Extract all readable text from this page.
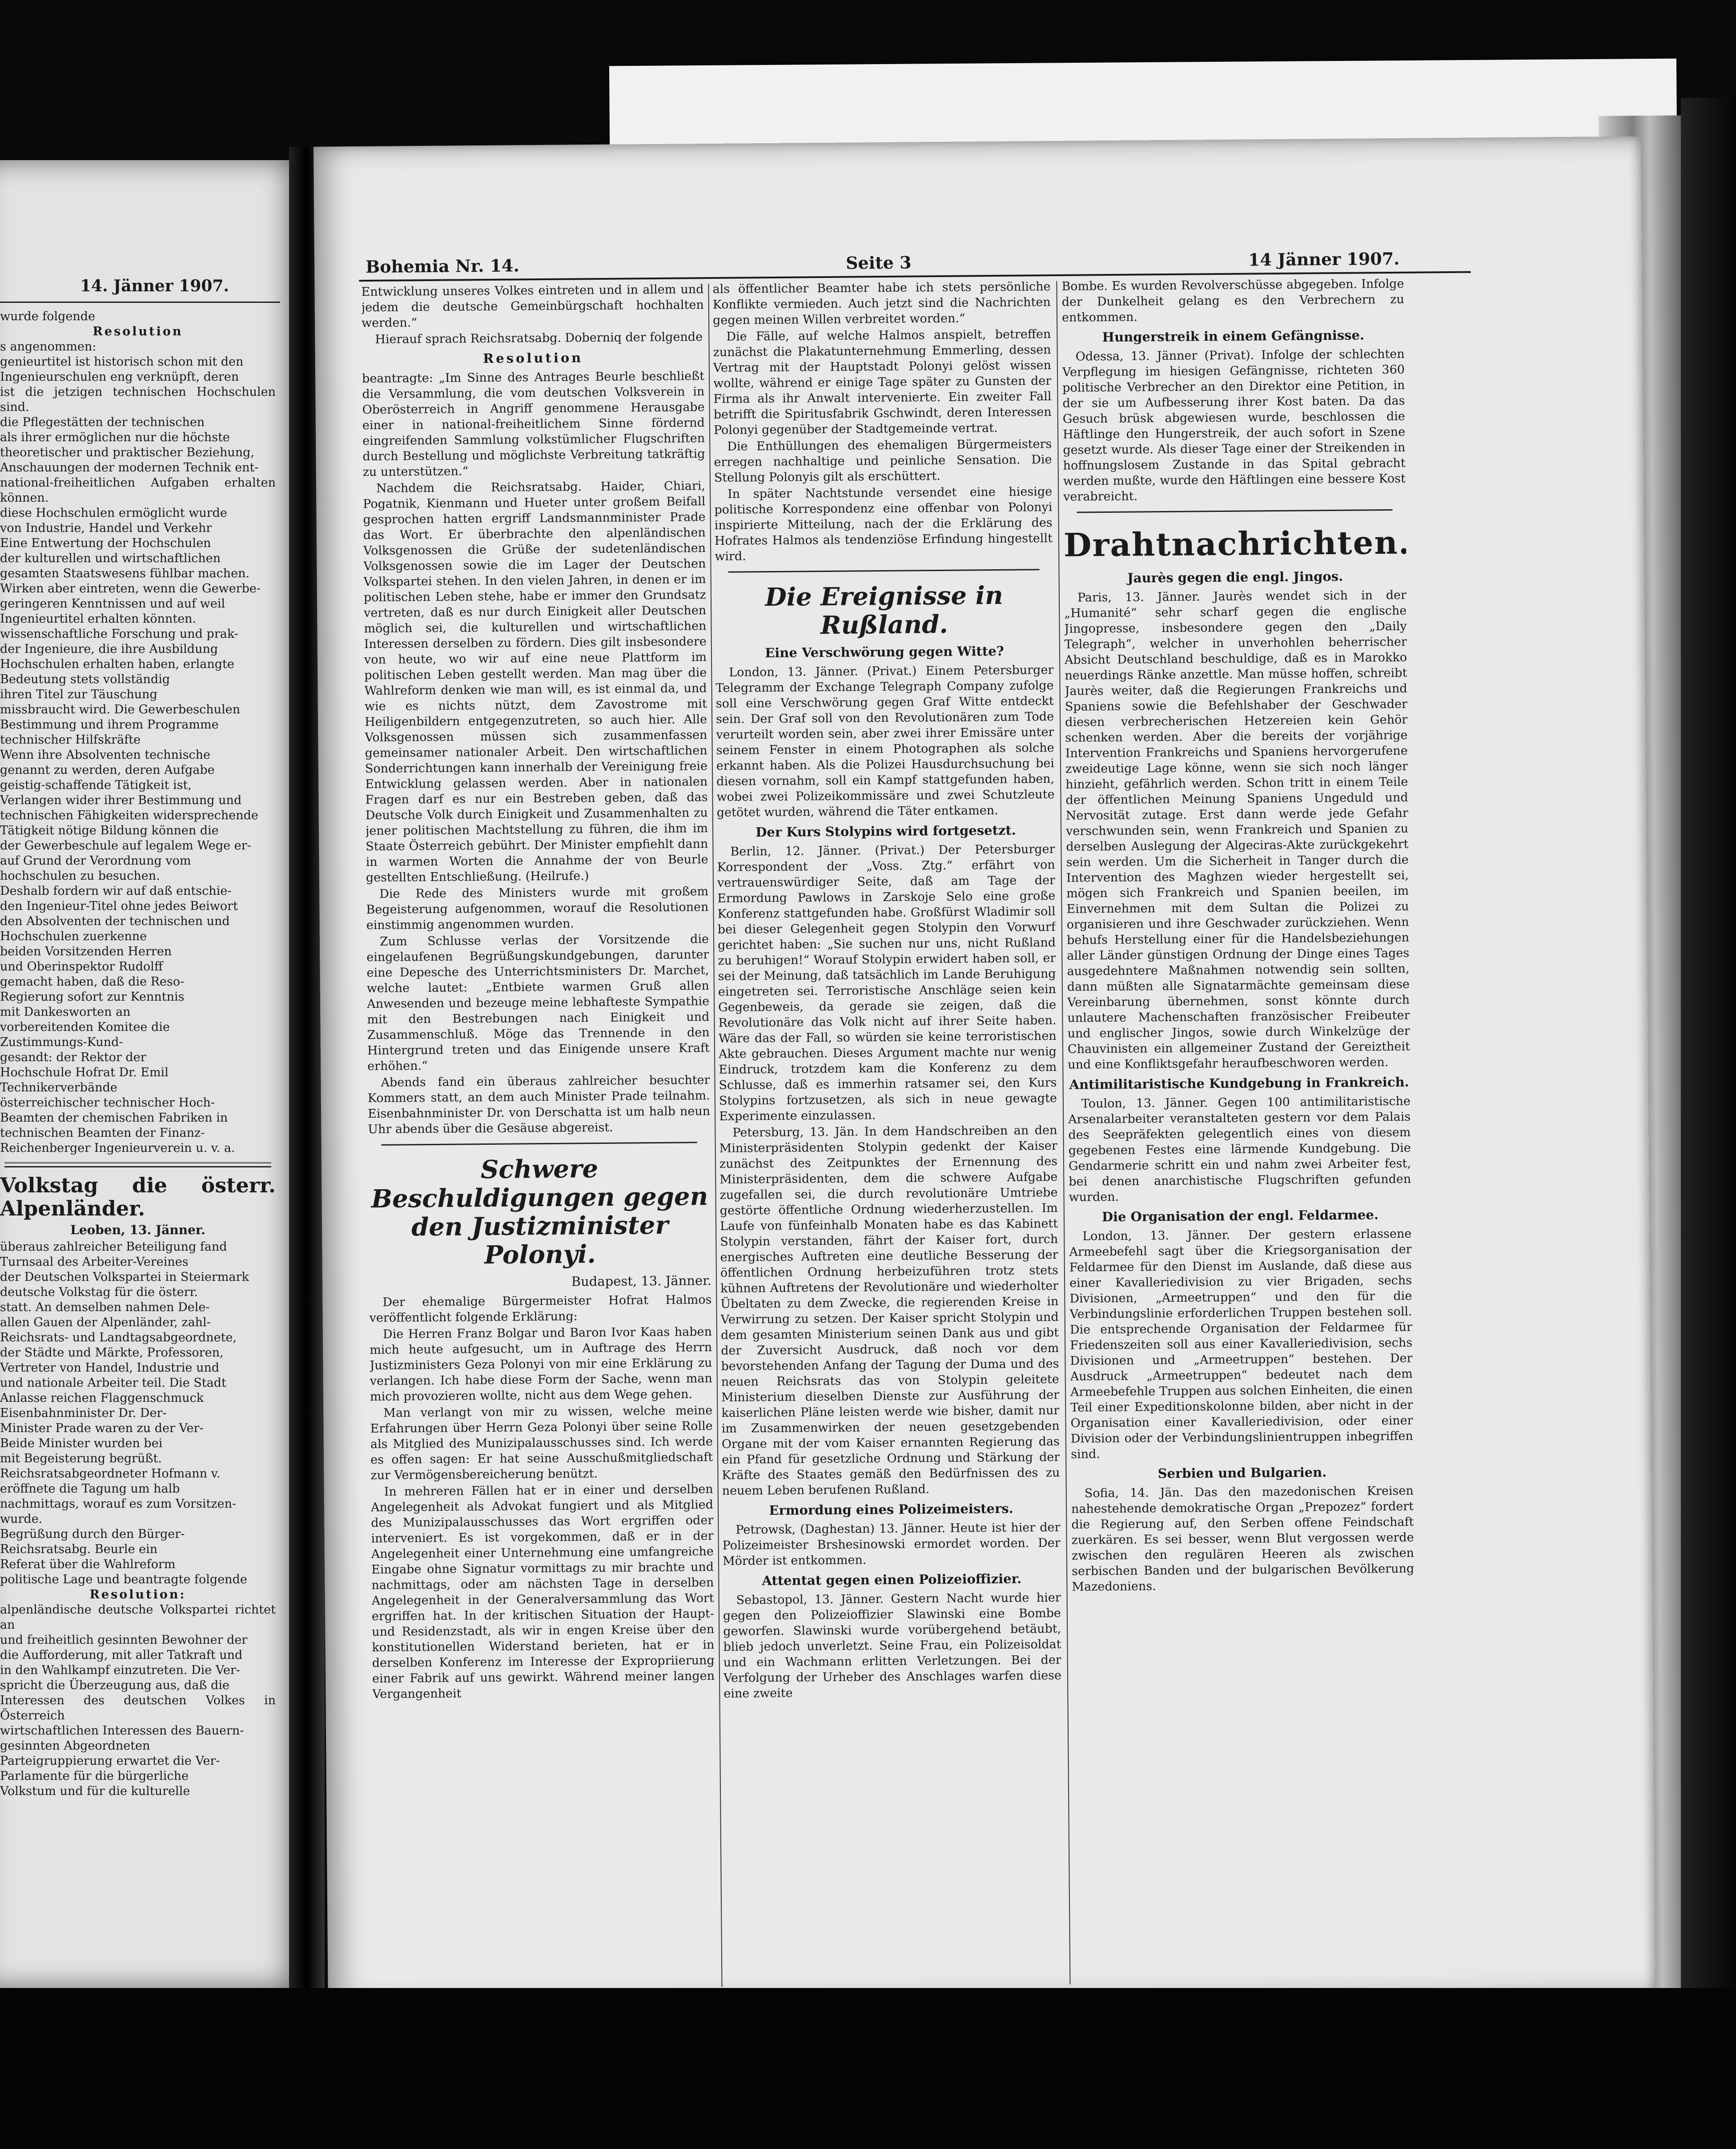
14. Jänner 1907.

wurde folgende

Resolution

s angenommen:

genieurtitel ist historisch schon mit den

Ingenieurschulen eng verknüpft, deren

ist die jetzigen technischen Hochschulen sind.

die Pflegestätten der technischen

als ihrer ermöglichen nur die höchste

theoretischer und praktischer Beziehung,

Anschauungen der modernen Technik ent-

national-freiheitlichen Aufgaben erhalten können.

diese Hochschulen ermöglicht wurde

von Industrie, Handel und Verkehr

Eine Entwertung der Hochschulen

der kulturellen und wirtschaftlichen

gesamten Staatswesens fühlbar machen.

Wirken aber eintreten, wenn die Gewerbe-

geringeren Kenntnissen und auf weil

Ingenieurtitel erhalten könnten.

wissenschaftliche Forschung und prak-

der Ingenieure, die ihre Ausbildung

Hochschulen erhalten haben, erlangte

Bedeutung stets vollständig

ihren Titel zur Täuschung

missbraucht wird. Die Gewerbeschulen

Bestimmung und ihrem Programme

technischer Hilfskräfte

Wenn ihre Absolventen technische

genannt zu werden, deren Aufgabe

geistig-schaffende Tätigkeit ist,

Verlangen wider ihrer Bestimmung und

technischen Fähigkeiten widersprechende

Tätigkeit nötige Bildung können die

der Gewerbeschule auf legalem Wege er-

auf Grund der Verordnung vom

hochschulen zu besuchen.

Deshalb fordern wir auf daß entschie-

den Ingenieur-Titel ohne jedes Beiwort

den Absolventen der technischen und

Hochschulen zuerkenne

beiden Vorsitzenden Herren

und Oberinspektor Rudolff

gemacht haben, daß die Reso-

Regierung sofort zur Kenntnis

mit Dankesworten an

vorbereitenden Komitee die

Zustimmungs-Kund-

gesandt: der Rektor der

Hochschule Hofrat Dr. Emil

Technikerverbände

österreichischer technischer Hoch-

Beamten der chemischen Fabriken in

technischen Beamten der Finanz-

Reichenberger Ingenieurverein u. v. a.

Volkstag die österr. Alpenländer.
Leoben, 13. Jänner.

überaus zahlreicher Beteiligung fand

Turnsaal des Arbeiter-Vereines

der Deutschen Volkspartei in Steiermark

deutsche Volkstag für die österr.

statt. An demselben nahmen Dele-

allen Gauen der Alpenländer, zahl-

Reichsrats- und Landtagsabgeordnete,

der Städte und Märkte, Professoren,

Vertreter von Handel, Industrie und

und nationale Arbeiter teil. Die Stadt

Anlasse reichen Flaggenschmuck

Eisenbahnminister Dr. Der-

Minister Prade waren zu der Ver-

Beide Minister wurden bei

mit Begeisterung begrüßt.

Reichsratsabgeordneter Hofmann v.

eröffnete die Tagung um halb

nachmittags, worauf es zum Vorsitzen-

wurde.

Begrüßung durch den Bürger-

Reichsratsabg. Beurle ein

Referat über die Wahlreform

politische Lage und beantragte folgende

Resolution:

alpenländische deutsche Volkspartei richtet an

und freiheitlich gesinnten Bewohner der

die Aufforderung, mit aller Tatkraft und

in den Wahlkampf einzutreten. Die Ver-

spricht die Überzeugung aus, daß die

Interessen des deutschen Volkes in Österreich

wirtschaftlichen Interessen des Bauern-

gesinnten Abgeordneten

Parteigruppierung erwartet die Ver-

Parlamente für die bürgerliche

Volkstum und für die kulturelle

Bohemia Nr. 14.	Seite 3	14 Jänner 1907.

Entwicklung unseres Volkes eintreten und in allem und jedem die deutsche Gemeinbürgschaft hochhalten werden.“

Hierauf sprach Reichsratsabg. Doberniq der folgende

Resolution

beantragte: „Im Sinne des Antrages Beurle beschließt die Versammlung, die vom deutschen Volksverein in Oberösterreich in Angriff genommene Herausgabe einer in national-freiheitlichem Sinne fördernd eingreifenden Sammlung volkstümlicher Flugschriften durch Bestellung und möglichste Verbreitung tatkräftig zu unterstützen.“

Nachdem die Reichsratsabg. Haider, Chiari, Pogatnik, Kienmann und Hueter unter großem Beifall gesprochen hatten ergriff Landsmannminister Prade das Wort. Er überbrachte den alpenländischen Volksgenossen die Grüße der sudetenländischen Volksgenossen sowie die im Lager der Deutschen Volkspartei stehen. In den vielen Jahren, in denen er im politischen Leben stehe, habe er immer den Grundsatz vertreten, daß es nur durch Einigkeit aller Deutschen möglich sei, die kulturellen und wirtschaftlichen Interessen derselben zu fördern. Dies gilt insbesondere von heute, wo wir auf eine neue Plattform im politischen Leben gestellt werden. Man mag über die Wahlreform denken wie man will, es ist einmal da, und wie es nichts nützt, dem Zavostrome mit Heiligenbildern entgegenzutreten, so auch hier. Alle Volksgenossen müssen sich zusammenfassen gemeinsamer nationaler Arbeit. Den wirtschaftlichen Sonderrichtungen kann innerhalb der Vereinigung freie Entwicklung gelassen werden. Aber in nationalen Fragen darf es nur ein Bestreben geben, daß das Deutsche Volk durch Einigkeit und Zusammenhalten zu jener politischen Machtstellung zu führen, die ihm im Staate Österreich gebührt. Der Minister empfiehlt dann in warmen Worten die Annahme der von Beurle gestellten Entschließung. (Heilrufe.)

Die Rede des Ministers wurde mit großem Begeisterung aufgenommen, worauf die Resolutionen einstimmig angenommen wurden.

Zum Schlusse verlas der Vorsitzende die eingelaufenen Begrüßungskundgebungen, darunter eine Depesche des Unterrichtsministers Dr. Marchet, welche lautet: „Entbiete warmen Gruß allen Anwesenden und bezeuge meine lebhafteste Sympathie mit den Bestrebungen nach Einigkeit und Zusammenschluß. Möge das Trennende in den Hintergrund treten und das Einigende unsere Kraft erhöhen.“

Abends fand ein überaus zahlreicher besuchter Kommers statt, an dem auch Minister Prade teilnahm. Eisenbahnminister Dr. von Derschatta ist um halb neun Uhr abends über die Gesäuse abgereist.

Schwere Beschuldigungen gegen den Justizminister Polonyi.
Budapest, 13. Jänner.

Der ehemalige Bürgermeister Hofrat Halmos veröffentlicht folgende Erklärung:

Die Herren Franz Bolgar und Baron Ivor Kaas haben mich heute aufgesucht, um in Auftrage des Herrn Justizministers Geza Polonyi von mir eine Erklärung zu verlangen. Ich habe diese Form der Sache, wenn man mich provozieren wollte, nicht aus dem Wege gehen.

Man verlangt von mir zu wissen, welche meine Erfahrungen über Herrn Geza Polonyi über seine Rolle als Mitglied des Munizipalausschusses sind. Ich werde es offen sagen: Er hat seine Ausschußmitgliedschaft zur Vermögensbereicherung benützt.

In mehreren Fällen hat er in einer und derselben Angelegenheit als Advokat fungiert und als Mitglied des Munizipalausschusses das Wort ergriffen oder interveniert. Es ist vorgekommen, daß er in der Angelegenheit einer Unternehmung eine umfangreiche Eingabe ohne Signatur vormittags zu mir brachte und nachmittags, oder am nächsten Tage in derselben Angelegenheit in der Generalversammlung das Wort ergriffen hat. In der kritischen Situation der Haupt- und Residenzstadt, als wir in engen Kreise über den konstitutionellen Widerstand berieten, hat er in derselben Konferenz im Interesse der Expropriierung einer Fabrik auf uns gewirkt. Während meiner langen Vergangenheit

als öffentlicher Beamter habe ich stets persönliche Konflikte vermieden. Auch jetzt sind die Nachrichten gegen meinen Willen verbreitet worden.“

Die Fälle, auf welche Halmos anspielt, betreffen zunächst die Plakatunternehmung Emmerling, dessen Vertrag mit der Hauptstadt Polonyi gelöst wissen wollte, während er einige Tage später zu Gunsten der Firma als ihr Anwalt intervenierte. Ein zweiter Fall betrifft die Spiritusfabrik Gschwindt, deren Interessen Polonyi gegenüber der Stadtgemeinde vertrat.

Die Enthüllungen des ehemaligen Bürgermeisters erregen nachhaltige und peinliche Sensation. Die Stellung Polonyis gilt als erschüttert.

In später Nachtstunde versendet eine hiesige politische Korrespondenz eine offenbar von Polonyi inspirierte Mitteilung, nach der die Erklärung des Hofrates Halmos als tendenziöse Erfindung hingestellt wird.

Die Ereignisse in Rußland.
Eine Verschwörung gegen Witte?

London, 13. Jänner. (Privat.) Einem Petersburger Telegramm der Exchange Telegraph Company zufolge soll eine Verschwörung gegen Graf Witte entdeckt sein. Der Graf soll von den Revolutionären zum Tode verurteilt worden sein, aber zwei ihrer Emissäre unter seinem Fenster in einem Photographen als solche erkannt haben. Als die Polizei Hausdurchsuchung bei diesen vornahm, soll ein Kampf stattgefunden haben, wobei zwei Polizeikommissäre und zwei Schutzleute getötet wurden, während die Täter entkamen.

Der Kurs Stolypins wird fortgesetzt.

Berlin, 12. Jänner. (Privat.) Der Petersburger Korrespondent der „Voss. Ztg.“ erfährt von vertrauenswürdiger Seite, daß am Tage der Ermordung Pawlows in Zarskoje Selo eine große Konferenz stattgefunden habe. Großfürst Wladimir soll bei dieser Gelegenheit gegen Stolypin den Vorwurf gerichtet haben: „Sie suchen nur uns, nicht Rußland zu beruhigen!“ Worauf Stolypin erwidert haben soll, er sei der Meinung, daß tatsächlich im Lande Beruhigung eingetreten sei. Terroristische Anschläge seien kein Gegenbeweis, da gerade sie zeigen, daß die Revolutionäre das Volk nicht auf ihrer Seite haben. Wäre das der Fall, so würden sie keine terroristischen Akte gebrauchen. Dieses Argument machte nur wenig Eindruck, trotzdem kam die Konferenz zu dem Schlusse, daß es immerhin ratsamer sei, den Kurs Stolypins fortzusetzen, als sich in neue gewagte Experimente einzulassen.

Petersburg, 13. Jän. In dem Handschreiben an den Ministerpräsidenten Stolypin gedenkt der Kaiser zunächst des Zeitpunktes der Ernennung des Ministerpräsidenten, dem die schwere Aufgabe zugefallen sei, die durch revolutionäre Umtriebe gestörte öffentliche Ordnung wiederherzustellen. Im Laufe von fünfeinhalb Monaten habe es das Kabinett Stolypin verstanden, fährt der Kaiser fort, durch energisches Auftreten eine deutliche Besserung der öffentlichen Ordnung herbeizuführen trotz stets kühnen Auftretens der Revolutionäre und wiederholter Übeltaten zu dem Zwecke, die regierenden Kreise in Verwirrung zu setzen. Der Kaiser spricht Stolypin und dem gesamten Ministerium seinen Dank aus und gibt der Zuversicht Ausdruck, daß noch vor dem bevorstehenden Anfang der Tagung der Duma und des neuen Reichsrats das von Stolypin geleitete Ministerium dieselben Dienste zur Ausführung der kaiserlichen Pläne leisten werde wie bisher, damit nur im Zusammenwirken der neuen gesetzgebenden Organe mit der vom Kaiser ernannten Regierung das ein Pfand für gesetzliche Ordnung und Stärkung der Kräfte des Staates gemäß den Bedürfnissen des zu neuem Leben berufenen Rußland.

Ermordung eines Polizeimeisters.

Petrowsk, (Daghestan) 13. Jänner. Heute ist hier der Polizeimeister Brshesinowski ermordet worden. Der Mörder ist entkommen.

Attentat gegen einen Polizeioffizier.

Sebastopol, 13. Jänner. Gestern Nacht wurde hier gegen den Polizeioffizier Slawinski eine Bombe geworfen. Slawinski wurde vorübergehend betäubt, blieb jedoch unverletzt. Seine Frau, ein Polizeisoldat und ein Wachmann erlitten Verletzungen. Bei der Verfolgung der Urheber des Anschlages warfen diese eine zweite

Bombe. Es wurden Revolverschüsse abgegeben. Infolge der Dunkelheit gelang es den Verbrechern zu entkommen.

Hungerstreik in einem Gefängnisse.

Odessa, 13. Jänner (Privat). Infolge der schlechten Verpflegung im hiesigen Gefängnisse, richteten 360 politische Verbrecher an den Direktor eine Petition, in der sie um Aufbesserung ihrer Kost baten. Da das Gesuch brüsk abgewiesen wurde, beschlossen die Häftlinge den Hungerstreik, der auch sofort in Szene gesetzt wurde. Als dieser Tage einer der Streikenden in hoffnungslosem Zustande in das Spital gebracht werden mußte, wurde den Häftlingen eine bessere Kost verabreicht.

Drahtnachrichten.
Jaurès gegen die engl. Jingos.

Paris, 13. Jänner. Jaurès wendet sich in der „Humanité“ sehr scharf gegen die englische Jingopresse, insbesondere gegen den „Daily Telegraph“, welcher in unverhohlen beherrischer Absicht Deutschland beschuldige, daß es in Marokko neuerdings Ränke anzettle. Man müsse hoffen, schreibt Jaurès weiter, daß die Regierungen Frankreichs und Spaniens sowie die Befehlshaber der Geschwader diesen verbrecherischen Hetzereien kein Gehör schenken werden. Aber die bereits der vorjährige Intervention Frankreichs und Spaniens hervorgerufene zweideutige Lage könne, wenn sie sich noch länger hinzieht, gefährlich werden. Schon tritt in einem Teile der öffentlichen Meinung Spaniens Ungeduld und Nervosität zutage. Erst dann werde jede Gefahr verschwunden sein, wenn Frankreich und Spanien zu derselben Auslegung der Algeciras-Akte zurückgekehrt sein werden. Um die Sicherheit in Tanger durch die Intervention des Maghzen wieder hergestellt sei, mögen sich Frankreich und Spanien beeilen, im Einvernehmen mit dem Sultan die Polizei zu organisieren und ihre Geschwader zurückziehen. Wenn behufs Herstellung einer für die Handelsbeziehungen aller Länder günstigen Ordnung der Dinge eines Tages ausgedehntere Maßnahmen notwendig sein sollten, dann müßten alle Signatarmächte gemeinsam diese Vereinbarung übernehmen, sonst könnte durch unlautere Machenschaften französischer Freibeuter und englischer Jingos, sowie durch Winkelzüge der Chauvinisten ein allgemeiner Zustand der Gereiztheit und eine Konfliktsgefahr heraufbeschworen werden.

Antimilitaristische Kundgebung in Frankreich.

Toulon, 13. Jänner. Gegen 100 antimilitaristische Arsenalarbeiter veranstalteten gestern vor dem Palais des Seepräfekten gelegentlich eines von diesem gegebenen Festes eine lärmende Kundgebung. Die Gendarmerie schritt ein und nahm zwei Arbeiter fest, bei denen anarchistische Flugschriften gefunden wurden.

Die Organisation der engl. Feldarmee.

London, 13. Jänner. Der gestern erlassene Armeebefehl sagt über die Kriegsorganisation der Feldarmee für den Dienst im Auslande, daß diese aus einer Kavalleriedivision zu vier Brigaden, sechs Divisionen, „Armeetruppen“ und den für die Verbindungslinie erforderlichen Truppen bestehen soll. Die entsprechende Organisation der Feldarmee für Friedenszeiten soll aus einer Kavalleriedivision, sechs Divisionen und „Armeetruppen“ bestehen. Der Ausdruck „Armeetruppen“ bedeutet nach dem Armeebefehle Truppen aus solchen Einheiten, die einen Teil einer Expeditionskolonne bilden, aber nicht in der Organisation einer Kavalleriedivision, oder einer Division oder der Verbindungslinientruppen inbegriffen sind.

Serbien und Bulgarien.

Sofia, 14. Jän. Das den mazedonischen Kreisen nahestehende demokratische Organ „Prepozez“ fordert die Regierung auf, den Serben offene Feindschaft zuerkären. Es sei besser, wenn Blut vergossen werde zwischen den regulären Heeren als zwischen serbischen Banden und der bulgarischen Bevölkerung Mazedoniens.
